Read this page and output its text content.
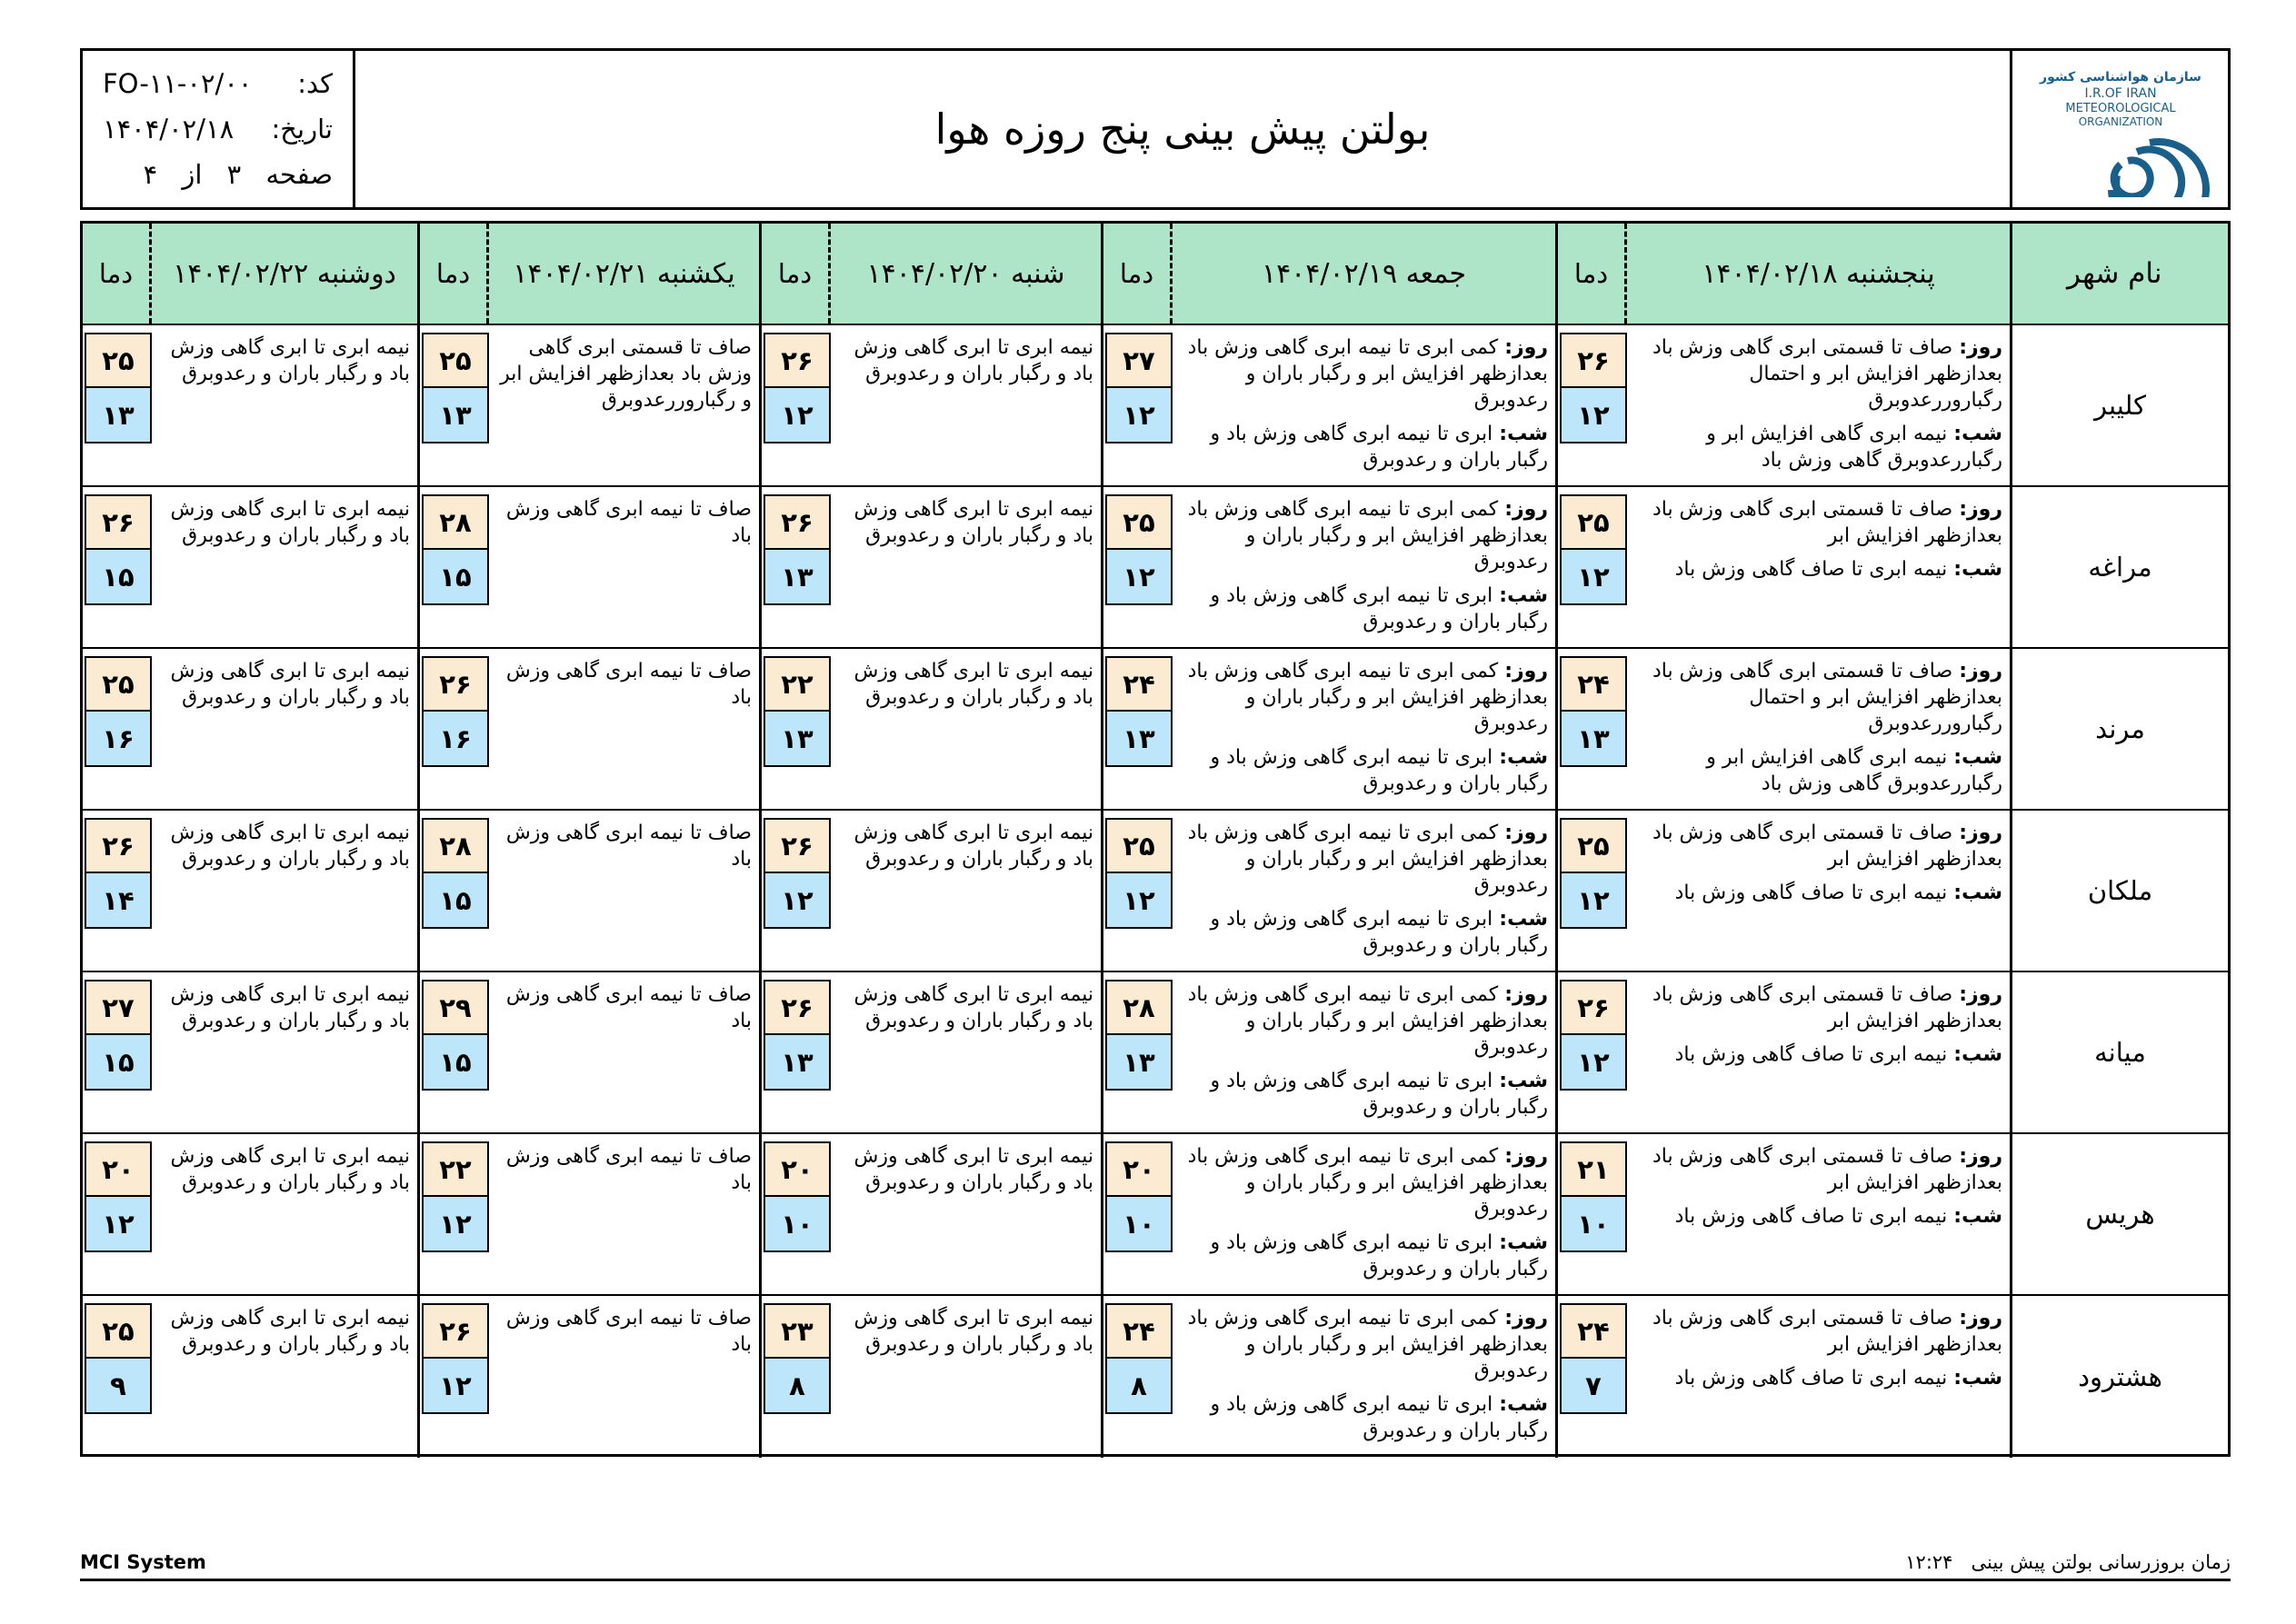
سازمان هواشناسی کشور
I.R.OF IRAN
METEOROLOGICAL
ORGANIZATION
بولتن پیش بینی پنج روزه هوا
کد:
FO-۱۱-۰۲/۰۰
تاریخ:
۱۴۰۴/۰۲/۱۸
صفحه ۳ از ۴
نام شهر
پنجشنبه ۱۴۰۴/۰۲/۱۸
دما
جمعه ۱۴۰۴/۰۲/۱۹
دما
شنبه ۱۴۰۴/۰۲/۲۰
دما
یکشنبه ۱۴۰۴/۰۲/۲۱
دما
دوشنبه ۱۴۰۴/۰۲/۲۲
دما
کلیبر
روز: صاف تا قسمتی ابری گاهی وزش باد بعدازظهر افزایش ابر و احتمال رگباروررعدوبرق
شب: نیمه ابری گاهی افزایش ابر و رگباررعدوبرق گاهی وزش باد
۲۶
۱۲
روز: کمی ابری تا نیمه ابری گاهی وزش باد بعدازظهر افزایش ابر و رگبار باران و رعدوبرق
شب: ابری تا نیمه ابری گاهی وزش باد و رگبار باران و رعدوبرق
۲۷
۱۲
نیمه ابری تا ابری گاهی وزش باد و رگبار باران و رعدوبرق
۲۶
۱۲
صاف تا قسمتی ابری گاهی وزش باد بعدازظهر افزایش ابر و رگباروررعدوبرق
۲۵
۱۳
نیمه ابری تا ابری گاهی وزش باد و رگبار باران و رعدوبرق
۲۵
۱۳
مراغه
روز: صاف تا قسمتی ابری گاهی وزش باد بعدازظهر افزایش ابر
شب: نیمه ابری تا صاف گاهی وزش باد
۲۵
۱۲
روز: کمی ابری تا نیمه ابری گاهی وزش باد بعدازظهر افزایش ابر و رگبار باران و رعدوبرق
شب: ابری تا نیمه ابری گاهی وزش باد و رگبار باران و رعدوبرق
۲۵
۱۲
نیمه ابری تا ابری گاهی وزش باد و رگبار باران و رعدوبرق
۲۶
۱۳
صاف تا نیمه ابری گاهی وزش باد
۲۸
۱۵
نیمه ابری تا ابری گاهی وزش باد و رگبار باران و رعدوبرق
۲۶
۱۵
مرند
روز: صاف تا قسمتی ابری گاهی وزش باد بعدازظهر افزایش ابر و احتمال رگباروررعدوبرق
شب: نیمه ابری گاهی افزایش ابر و رگباررعدوبرق گاهی وزش باد
۲۴
۱۳
روز: کمی ابری تا نیمه ابری گاهی وزش باد بعدازظهر افزایش ابر و رگبار باران و رعدوبرق
شب: ابری تا نیمه ابری گاهی وزش باد و رگبار باران و رعدوبرق
۲۴
۱۳
نیمه ابری تا ابری گاهی وزش باد و رگبار باران و رعدوبرق
۲۲
۱۳
صاف تا نیمه ابری گاهی وزش باد
۲۶
۱۶
نیمه ابری تا ابری گاهی وزش باد و رگبار باران و رعدوبرق
۲۵
۱۶
ملکان
روز: صاف تا قسمتی ابری گاهی وزش باد بعدازظهر افزایش ابر
شب: نیمه ابری تا صاف گاهی وزش باد
۲۵
۱۲
روز: کمی ابری تا نیمه ابری گاهی وزش باد بعدازظهر افزایش ابر و رگبار باران و رعدوبرق
شب: ابری تا نیمه ابری گاهی وزش باد و رگبار باران و رعدوبرق
۲۵
۱۲
نیمه ابری تا ابری گاهی وزش باد و رگبار باران و رعدوبرق
۲۶
۱۲
صاف تا نیمه ابری گاهی وزش باد
۲۸
۱۵
نیمه ابری تا ابری گاهی وزش باد و رگبار باران و رعدوبرق
۲۶
۱۴
میانه
روز: صاف تا قسمتی ابری گاهی وزش باد بعدازظهر افزایش ابر
شب: نیمه ابری تا صاف گاهی وزش باد
۲۶
۱۲
روز: کمی ابری تا نیمه ابری گاهی وزش باد بعدازظهر افزایش ابر و رگبار باران و رعدوبرق
شب: ابری تا نیمه ابری گاهی وزش باد و رگبار باران و رعدوبرق
۲۸
۱۳
نیمه ابری تا ابری گاهی وزش باد و رگبار باران و رعدوبرق
۲۶
۱۳
صاف تا نیمه ابری گاهی وزش باد
۲۹
۱۵
نیمه ابری تا ابری گاهی وزش باد و رگبار باران و رعدوبرق
۲۷
۱۵
هریس
روز: صاف تا قسمتی ابری گاهی وزش باد بعدازظهر افزایش ابر
شب: نیمه ابری تا صاف گاهی وزش باد
۲۱
۱۰
روز: کمی ابری تا نیمه ابری گاهی وزش باد بعدازظهر افزایش ابر و رگبار باران و رعدوبرق
شب: ابری تا نیمه ابری گاهی وزش باد و رگبار باران و رعدوبرق
۲۰
۱۰
نیمه ابری تا ابری گاهی وزش باد و رگبار باران و رعدوبرق
۲۰
۱۰
صاف تا نیمه ابری گاهی وزش باد
۲۲
۱۲
نیمه ابری تا ابری گاهی وزش باد و رگبار باران و رعدوبرق
۲۰
۱۲
هشترود
روز: صاف تا قسمتی ابری گاهی وزش باد بعدازظهر افزایش ابر
شب: نیمه ابری تا صاف گاهی وزش باد
۲۴
۷
روز: کمی ابری تا نیمه ابری گاهی وزش باد بعدازظهر افزایش ابر و رگبار باران و رعدوبرق
شب: ابری تا نیمه ابری گاهی وزش باد و رگبار باران و رعدوبرق
۲۴
۸
نیمه ابری تا ابری گاهی وزش باد و رگبار باران و رعدوبرق
۲۳
۸
صاف تا نیمه ابری گاهی وزش باد
۲۶
۱۲
نیمه ابری تا ابری گاهی وزش باد و رگبار باران و رعدوبرق
۲۵
۹
MCI System	زمان بروزرسانی بولتن پیش بینی   ۱۲:۲۴
